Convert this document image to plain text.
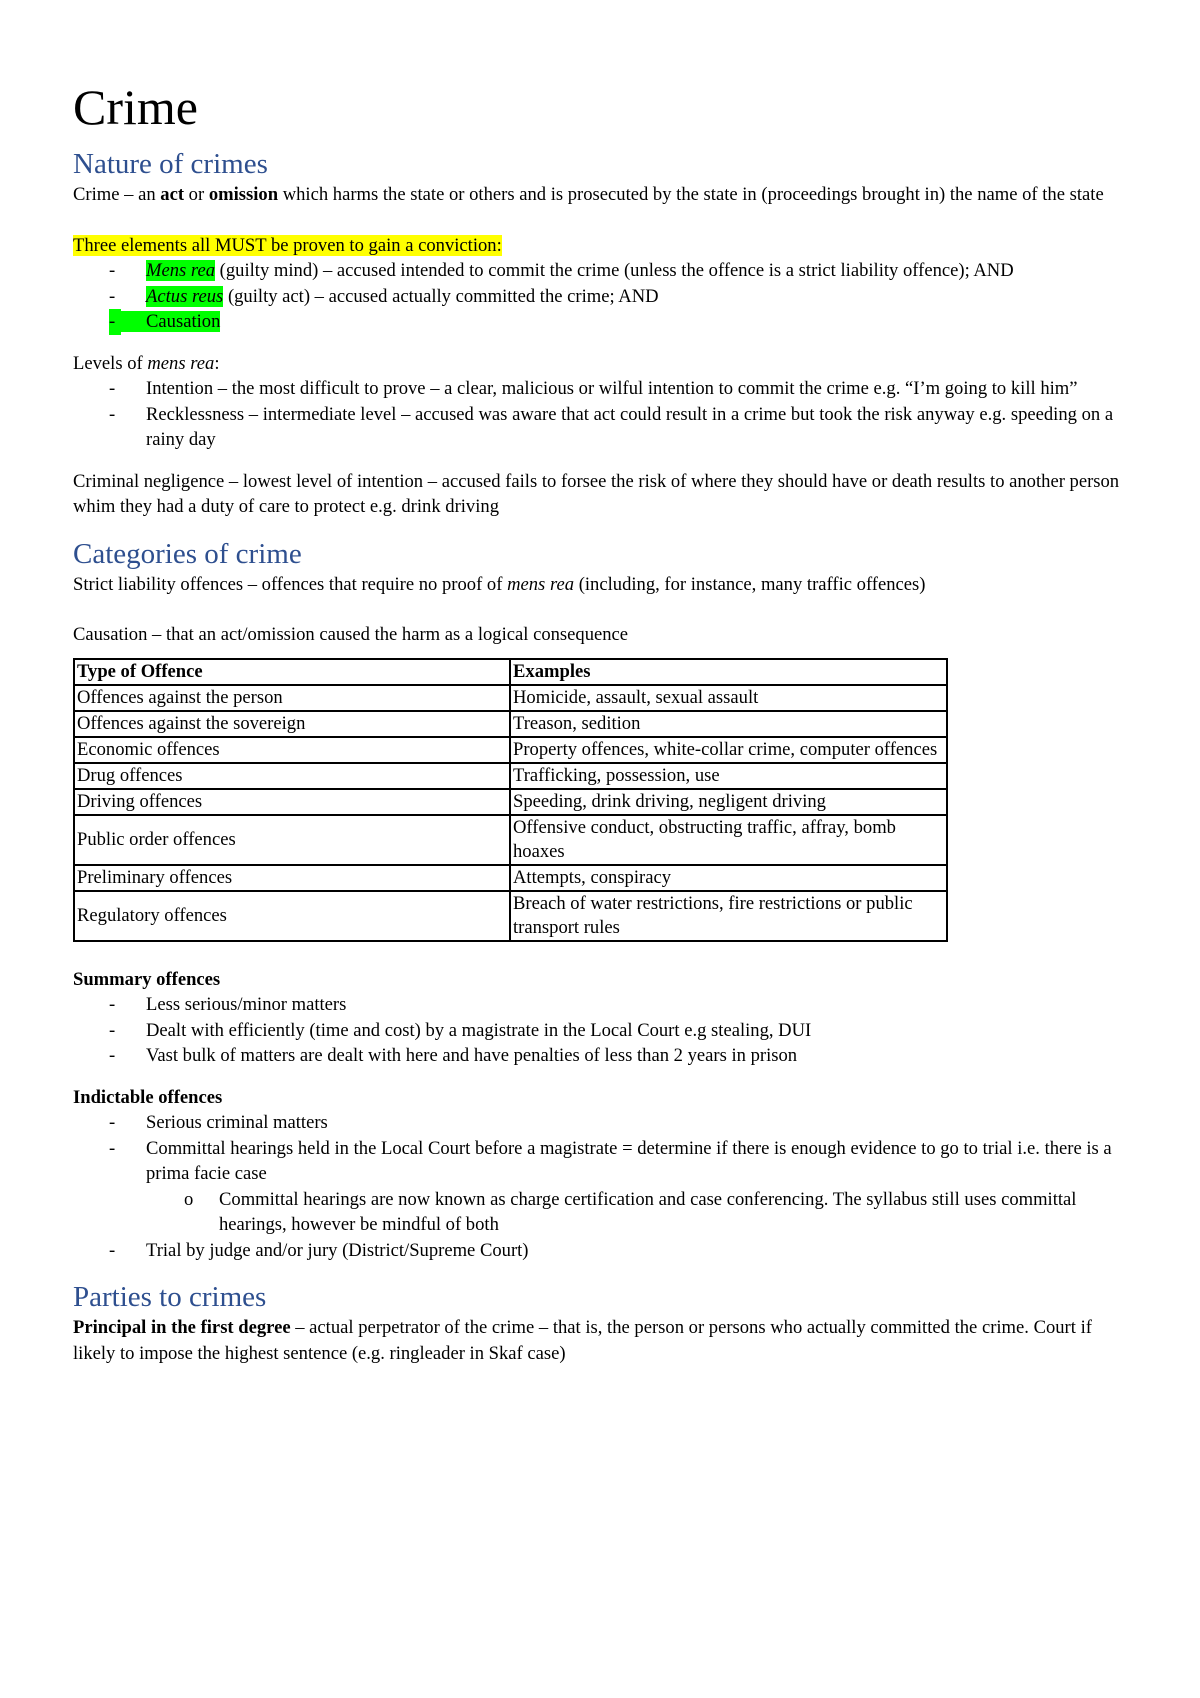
Crime
Nature of crimes

Crime – an act or omission which harms the state or others and is prosecuted by the state in (proceedings brought in) the name of the state

Three elements all MUST be proven to gain a conviction:

- Mens rea (guilty mind) – accused intended to commit the crime (unless the offence is a strict liability offence); AND
- Actus reus (guilty act) – accused actually committed the crime; AND
-	Causation

Levels of mens rea:

- Intention – the most difficult to prove – a clear, malicious or wilful intention to commit the crime e.g. “I’m going to kill him”
- Recklessness – intermediate level – accused was aware that act could result in a crime but took the risk anyway e.g. speeding on a rainy day

Criminal negligence – lowest level of intention – accused fails to forsee the risk of where they should have or death results to another person whim they had a duty of care to protect e.g. drink driving

Categories of crime

Strict liability offences – offences that require no proof of mens rea (including, for instance, many traffic offences)

Causation – that an act/omission caused the harm as a logical consequence

Type of Offence	Examples
Offences against the person	Homicide, assault, sexual assault
Offences against the sovereign	Treason, sedition
Economic offences	Property offences, white-collar crime, computer offences
Drug offences	Trafficking, possession, use
Driving offences	Speeding, drink driving, negligent driving
Public order offences	Offensive conduct, obstructing traffic, affray, bomb hoaxes
Preliminary offences	Attempts, conspiracy
Regulatory offences	Breach of water restrictions, fire restrictions or public transport rules

Summary offences

- Less serious/minor matters
- Dealt with efficiently (time and cost) by a magistrate in the Local Court e.g stealing, DUI
- Vast bulk of matters are dealt with here and have penalties of less than 2 years in prison

Indictable offences

- Serious criminal matters
- Committal hearings held in the Local Court before a magistrate = determine if there is enough evidence to go to trial i.e. there is a prima facie case
o Committal hearings are now known as charge certification and case conferencing. The syllabus still uses committal hearings, however be mindful of both
- Trial by judge and/or jury (District/Supreme Court)
Parties to crimes

Principal in the first degree – actual perpetrator of the crime – that is, the person or persons who actually committed the crime. Court if likely to impose the highest sentence (e.g. ringleader in Skaf case)
